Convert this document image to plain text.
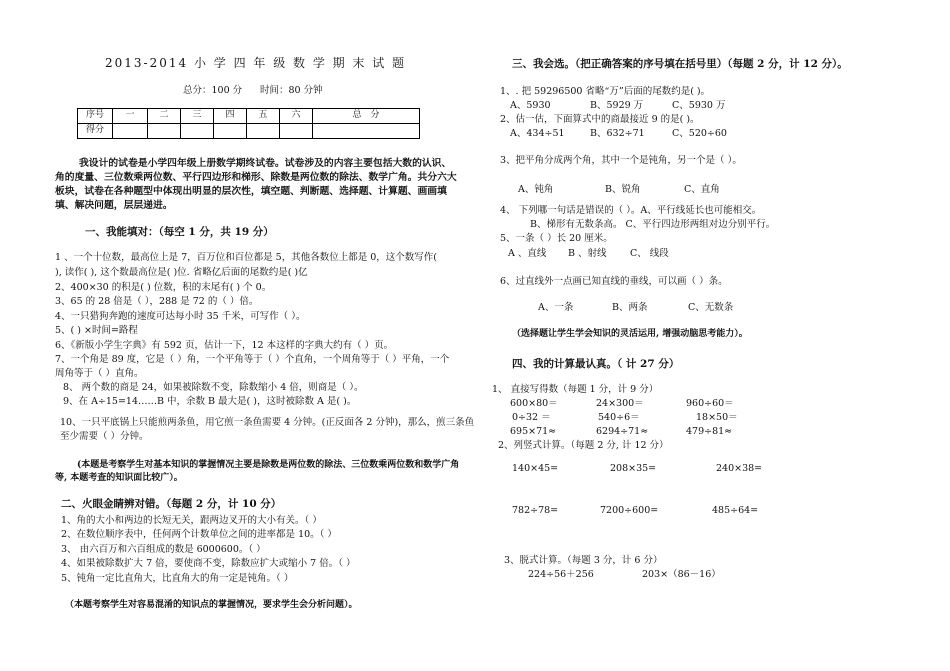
2013-2014 小 学 四 年 级 数 学 期 末 试 题
总分：100 分 时间：80 分钟
序号	一	二	三	四	五	六	总　分
得分							
我设计的试卷是小学四年级上册数学期终试卷。试卷涉及的内容主要包括大数的认识、角的度量、三位数乘两位数、平行四边形和梯形、除数是两位数的除法、数学广角。共分六大板块，试卷在各种题型中体现出明显的层次性，填空题、判断题、选择题、计算题、画画填填、解决问题，层层递进。
一、我能填对：（每空 1 分，共 19 分）
1 、一个十位数，最高位上是 7，百万位和百位都是 5，其他各数位上都是 0，这个数写作(
), 读作( ), 这个数最高位是( )位. 省略亿后面的尾数约是( )亿
2、400×30 的积是( ) 位数，积的末尾有( ) 个 0。
3、65 的 28 倍是（ ），288 是 72 的（ ）倍。
4、一只猎狗奔跑的速度可达每小时 35 千米，可写作（ ）。
5、( ) ×时间=路程
6、《新版小学生字典》有 592 页，估计一下，12 本这样的字典大约有（ ）页。
7、一个角是 89 度，它是（ ）角，一个平角等于（ ）个直角，一个周角等于（ ）平角，一个
周角等于（ ）直角。
8、 两个数的商是 24，如果被除数不变，除数缩小 4 倍，则商是（ ）。
9、在 A÷15=14……B 中，余数 B 最大是( )，这时被除数 A 是( )。
10、一只平底锅上只能煎两条鱼，用它煎一条鱼需要 4 分钟。(正反面各 2 分钟)，那么，煎三条鱼
至少需要（ ）分钟。
(本题是考察学生对基本知识的掌握情况主要是除数是两位数的除法、三位数乘两位数和数学广角等, 本题考查的知识面比较广）。
二、火眼金睛辨对错。（每题 2 分，计 10 分）
1、角的大小和两边的长短无关，跟两边叉开的大小有关。（ ）
2、在数位顺序表中，任何两个计数单位之间的进率都是 10。（ ）
3、 由六百万和六百组成的数是 6000600。（ ）
4、如果被除数扩大 7 倍，要使商不变，除数应扩大或缩小 7 倍。（ ）
5、钝角一定比直角大，比直角大的角一定是钝角。（ ）
（本题考察学生对容易混淆的知识点的掌握情况，要求学生会分析问题）。
三、我会选。（把正确答案的序号填在括号里）（每题 2 分，计 12 分）。
1、. 把 59296500 省略“万”后面的尾数约是( )。
A、5930	B、5929 万	C、5930 万
2、估一估，下面算式中的商最接近 9 的是( )。
A、434÷51	B、632÷71	C、520÷60
3、把平角分成两个角，其中一个是钝角，另一个是（ ）。
A、钝角	B、锐角	C、直角
4、 下列哪一句话是错误的（ ）。A、平行线延长也可能相交。
B、梯形有无数条高。 C、平行四边形两组对边分别平行。
5、一条（ ）长 20 厘米。
A 、直线 B 、射线 C、 线段
6、过直线外一点画已知直线的垂线，可以画（ ）条。
A、一条	B、两条	C、无数条
（选择题让学生学会知识的灵活运用, 增强动脑思考能力）。
四、我的计算最认真。（ 计 27 分）
1、 直接写得数（每题 1 分，计 9 分）
600×80＝	24×300＝	960÷60＝
0÷32 ＝	540÷6＝	18×50＝
695×71≈	6294÷71≈	479÷81≈
2、列竖式计算。（每题 2 分, 计 12 分）
140×45=	208×35=	240×38=
782÷78=	7200÷600=	485÷64=
3、脱式计算。（每题 3 分，计 6 分）
224÷56＋256	203×（86－16）
